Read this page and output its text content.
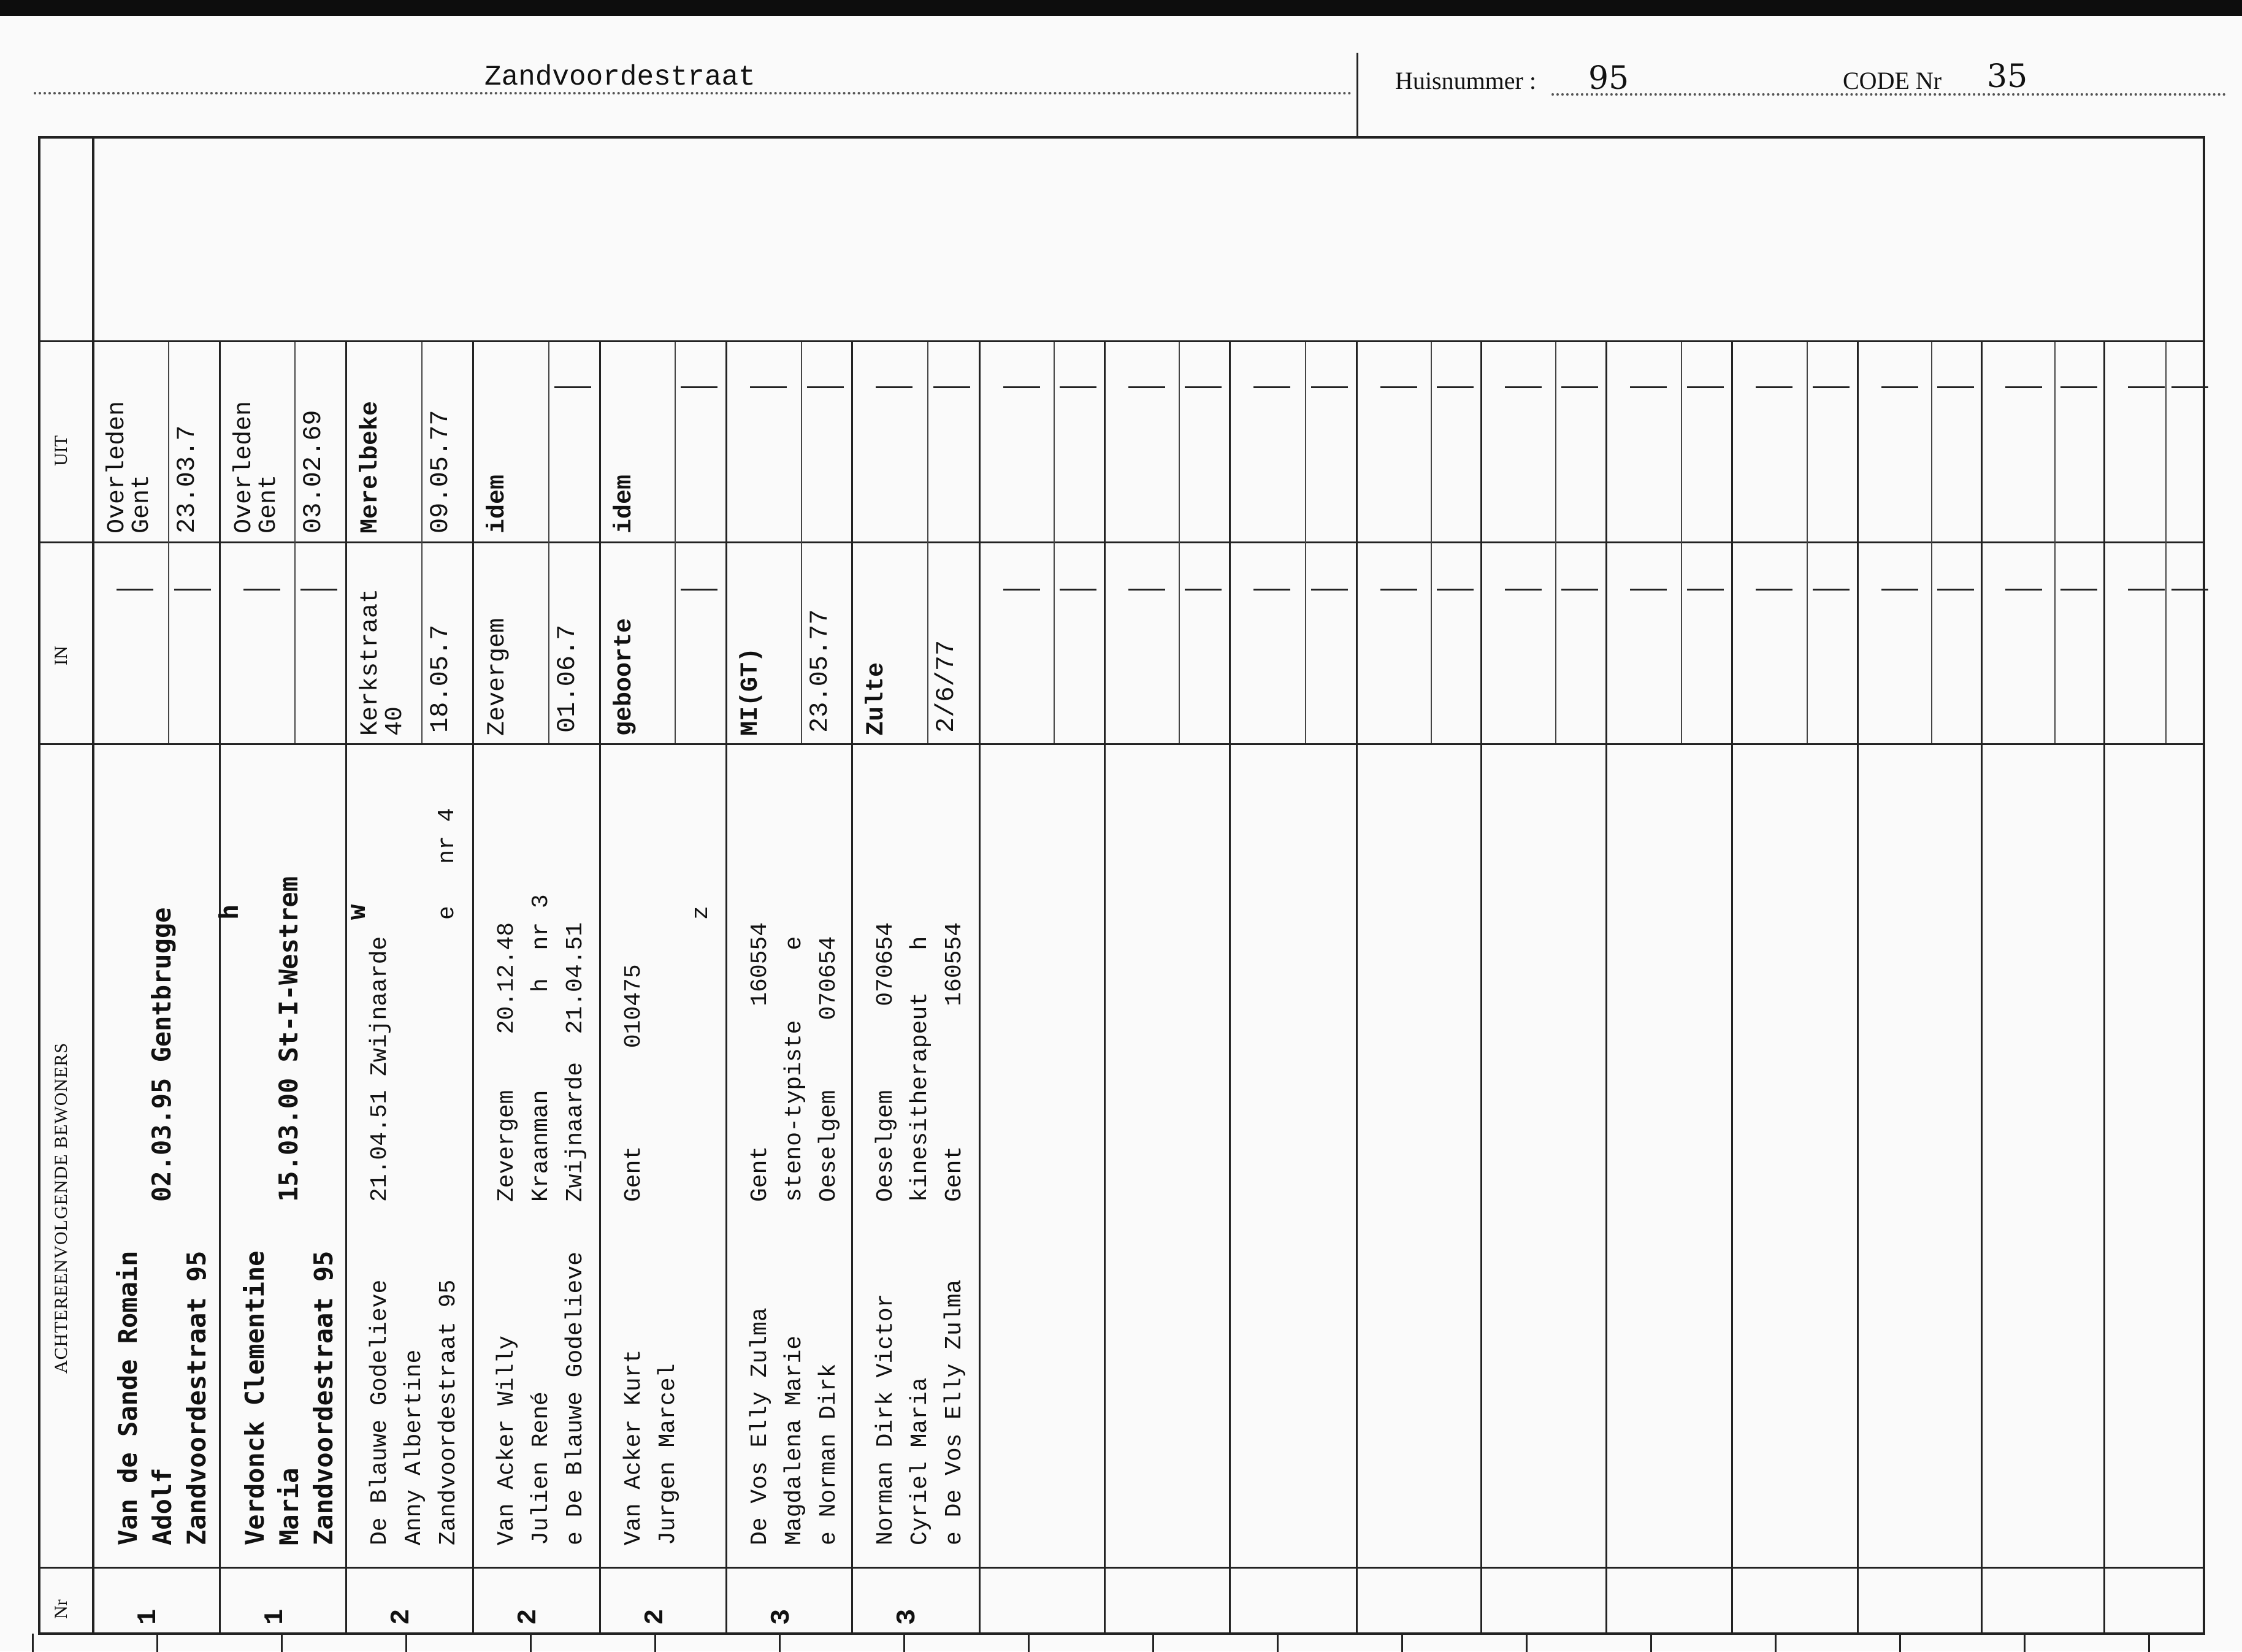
Zandvoordestraat	Huisnummer : 95	CODE Nr 35
Nr
ACHTEREENVOLGENDE BEWONERS
IN
UIT
1
Van de Sande Romain Adolf Zandvoordestraat 95
02.03.95 Gentbrugge h
Overleden
Gent 23.03.7
1
Verdonck Clementine Maria Zandvoordestraat 95
15.03.00 St-I-Westrem w
Overleden
Gent 03.02.69
2
De Blauwe Godelieve Anny Albertine Zandvoordestraat 95
21.04.51 Zwijnaarde
e   nr 4
Kerkstraat
40 18.05.7
Merelbeke 09.05.77
2
Van Acker Willy Julien René e De Blauwe Godelieve
Zevergem    20.12.48 Kraanman       h  nr 3 Zwijnaarde  21.04.51
Zevergem 01.06.7
idem
2
Van Acker Kurt Jurgen Marcel
Gent       010475
z
geboorte
idem
3
De Vos Elly Zulma Magdalena Marie e Norman Dirk
Gent          160554 steno-typiste     e Oeselgem     070654
MI(GT) 23.05.77
3
Norman Dirk Victor Cyriel Maria e De Vos Elly Zulma
Oeselgem      070654 kinesitherapeut   h Gent          160554
Zulte 2/6/77
